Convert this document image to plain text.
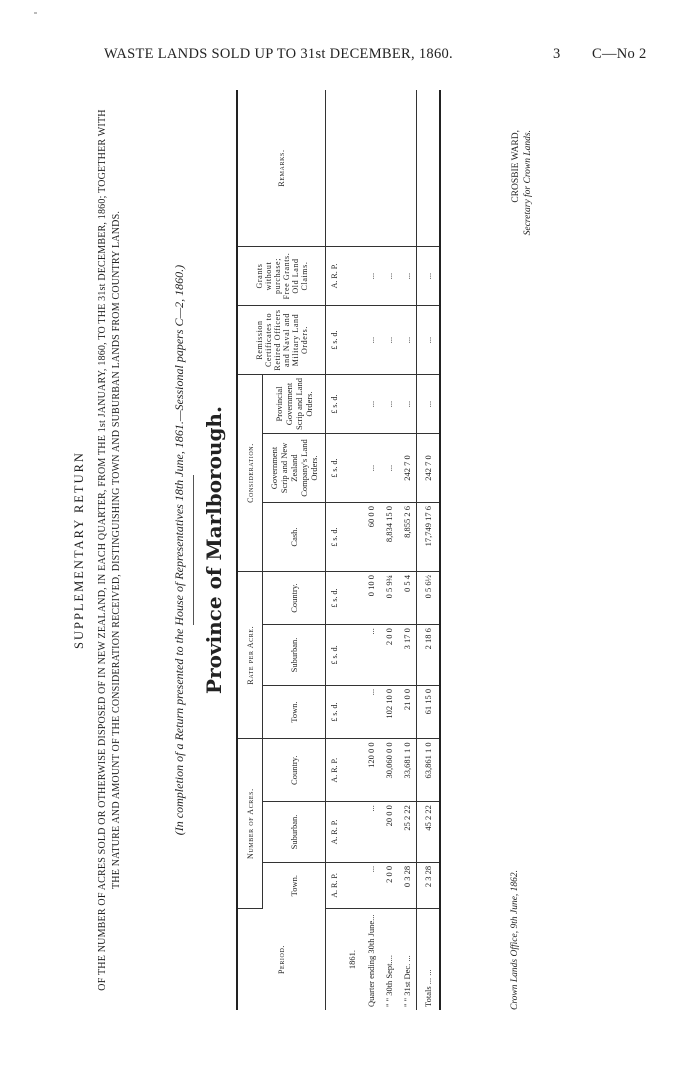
WASTE LANDS SOLD UP TO 31st DECEMBER, 1860.	3 C—No 2
SUPPLEMENTARY RETURN OF THE NUMBER OF ACRES SOLD OR OTHERWISE DISPOSED OF IN NEW ZEALAND, IN EACH QUARTER, FROM THE 1st JANUARY, 1860, TO THE 31st DECEMBER, 1860; TOGETHER WITH THE NATURE AND AMOUNT OF THE CONSIDERATION RECEIVED, DISTINGUISHING TOWN AND SUBURBAN LANDS FROM COUNTRY LANDS.	(In completion of a Return presented to the House of Representatives 18th June, 1861.—Sessional papers C—2, 1860.) Province of Marlborough.
Period.	Number of Acres.			Rate per Acre.			Consideration.			Remission Certificates to Retired Officers and Naval and Military Land Orders.	Grants without purchase; Free Grants. Old Land Claims.	Remarks.
	Town.	Suburban.	Country.	Town.	Suburban.	Country.	Cash.	Government Scrip and New Zealand Company's Land Orders.	Provincial Government Scrip and Land Orders.			
	A. R. P.	A. R. P.	A. R. P.	£ s. d.	£ s. d.	£ s. d.	£ s. d.	£ s. d.	£ s. d.	£ s. d.	A. R. P.	
1861.												
Quarter ending 30th June...	...	...	120 0 0	...	...	0 10 0	60 0 0	...	...	...	...	
" " 30th Sept....	2 0 0	20 0 0	30,060 0 0	102 10 0	2 0 0	0 5 9¾	8,834 15 0	...	...	...	...	
" " 31st Dec. ...	0 3 28	25 2 22	33,681 1 0	21 0 0	3 17 0	0 5 4	8,855 2 6	242 7 0	...	...	...	
Totals ... ...	2 3 28	45 2 22	63,861 1 0	61 15 0	2 18 6	0 5 6½	17,749 17 6	242 7 0	...	...	...	
Crown Lands Office, 9th June, 1862.
CROSBIE WARD, Secretary for Crown Lands.
